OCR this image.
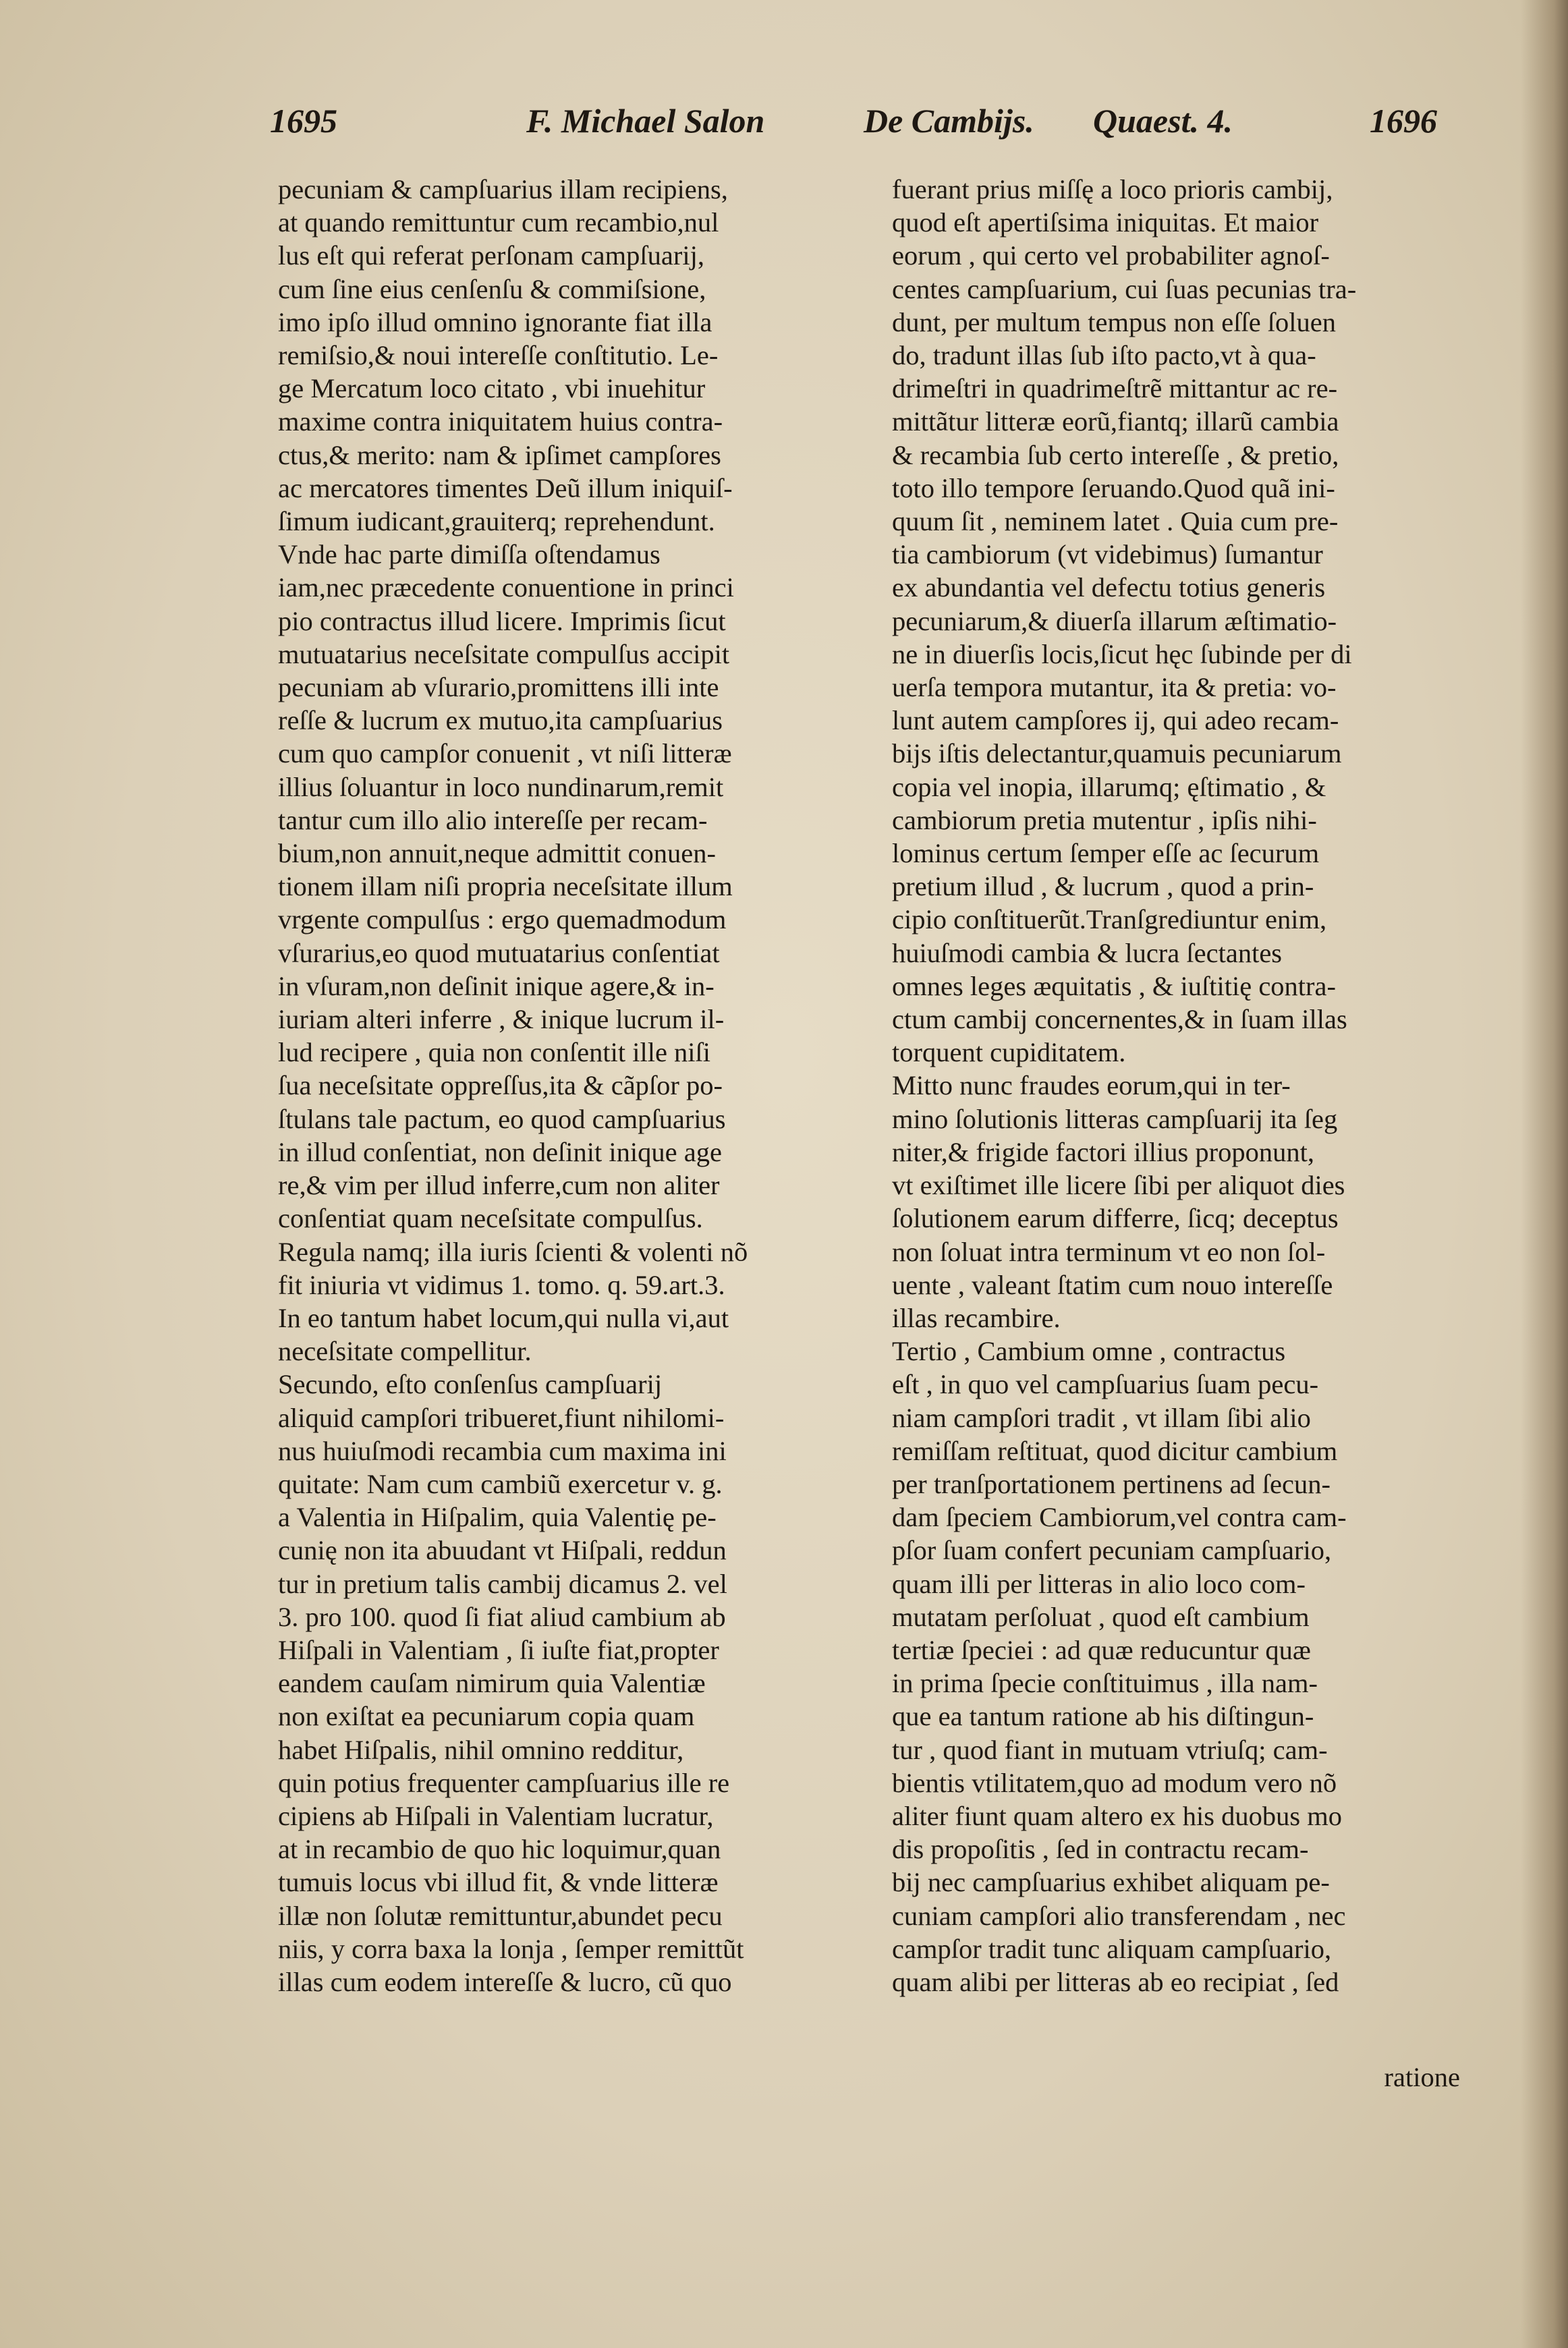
1695	F. Michael Salon	De Cambijs. Quaest. 4.	1696
pecuniam & campſuarius illam recipiens,
at quando remittuntur cum recambio,nul
lus eſt qui referat perſonam campſuarij,
cum ſine eius cenſenſu & commiſsione,
imo ipſo illud omnino ignorante fiat illa
remiſsio,& noui intereſſe conſtitutio. Le-
ge Mercatum loco citato , vbi inuehitur
maxime contra iniquitatem huius contra-
ctus,& merito: nam & ipſimet campſores
ac mercatores timentes Deũ illum iniquiſ-
ſimum iudicant,grauiterq; reprehendunt.
Vnde hac parte dimiſſa oſtendamus
iam,nec præcedente conuentione in princi
pio contractus illud licere. Imprimis ſicut
mutuatarius neceſsitate compulſus accipit
pecuniam ab vſurario,promittens illi inte
reſſe & lucrum ex mutuo,ita campſuarius
cum quo campſor conuenit , vt niſi litteræ
illius ſoluantur in loco nundinarum,remit
tantur cum illo alio intereſſe per recam-
bium,non annuit,neque admittit conuen-
tionem illam niſi propria neceſsitate illum
vrgente compulſus : ergo quemadmodum
vſurarius,eo quod mutuatarius conſentiat
in vſuram,non deſinit inique agere,& in-
iuriam alteri inferre , & inique lucrum il-
lud recipere , quia non conſentit ille niſi
ſua neceſsitate oppreſſus,ita & cãpſor po-
ſtulans tale pactum, eo quod campſuarius
in illud conſentiat, non deſinit inique age
re,& vim per illud inferre,cum non aliter
conſentiat quam neceſsitate compulſus.
Regula namq; illa iuris ſcienti & volenti nõ
fit iniuria vt vidimus 1. tomo. q. 59.art.3.
In eo tantum habet locum,qui nulla vi,aut
neceſsitate compellitur.
Secundo, eſto conſenſus campſuarij
aliquid campſori tribueret,fiunt nihilomi-
nus huiuſmodi recambia cum maxima ini
quitate: Nam cum cambiũ exercetur v. g.
a Valentia in Hiſpalim, quia Valentię pe-
cunię non ita abuudant vt Hiſpali, reddun
tur in pretium talis cambij dicamus 2. vel
3. pro 100. quod ſi fiat aliud cambium ab
Hiſpali in Valentiam , ſi iuſte fiat,propter
eandem cauſam nimirum quia Valentiæ
non exiſtat ea pecuniarum copia quam
habet Hiſpalis, nihil omnino redditur,
quin potius frequenter campſuarius ille re
cipiens ab Hiſpali in Valentiam lucratur,
at in recambio de quo hic loquimur,quan
tumuis locus vbi illud fit, & vnde litteræ
illæ non ſolutæ remittuntur,abundet pecu
niis, y corra baxa la lonja , ſemper remittũt
illas cum eodem intereſſe & lucro, cũ quo
fuerant prius miſſę a loco prioris cambij,
quod eſt apertiſsima iniquitas. Et maior
eorum , qui certo vel probabiliter agnoſ-
centes campſuarium, cui ſuas pecunias tra-
dunt, per multum tempus non eſſe ſoluen
do, tradunt illas ſub iſto pacto,vt à qua-
drimeſtri in quadrimeſtrẽ mittantur ac re-
mittãtur litteræ eorũ,fiantq; illarũ cambia
& recambia ſub certo intereſſe , & pretio,
toto illo tempore ſeruando.Quod quã ini-
quum ſit , neminem latet . Quia cum pre-
tia cambiorum (vt videbimus) ſumantur
ex abundantia vel defectu totius generis
pecuniarum,& diuerſa illarum æſtimatio-
ne in diuerſis locis,ſicut hęc ſubinde per di
uerſa tempora mutantur, ita & pretia: vo-
lunt autem campſores ij, qui adeo recam-
bijs iſtis delectantur,quamuis pecuniarum
copia vel inopia, illarumq; ęſtimatio , &
cambiorum pretia mutentur , ipſis nihi-
lominus certum ſemper eſſe ac ſecurum
pretium illud , & lucrum , quod a prin-
cipio conſtituerũt.Tranſgrediuntur enim,
huiuſmodi cambia & lucra ſectantes
omnes leges æquitatis , & iuſtitię contra-
ctum cambij concernentes,& in ſuam illas
torquent cupiditatem.
Mitto nunc fraudes eorum,qui in ter-
mino ſolutionis litteras campſuarij ita ſeg
niter,& frigide factori illius proponunt,
vt exiſtimet ille licere ſibi per aliquot dies
ſolutionem earum differre, ſicq; deceptus
non ſoluat intra terminum vt eo non ſol-
uente , valeant ſtatim cum nouo intereſſe
illas recambire.
Tertio , Cambium omne , contractus
eſt , in quo vel campſuarius ſuam pecu-
niam campſori tradit , vt illam ſibi alio
remiſſam reſtituat, quod dicitur cambium
per tranſportationem pertinens ad ſecun-
dam ſpeciem Cambiorum,vel contra cam-
pſor ſuam confert pecuniam campſuario,
quam illi per litteras in alio loco com-
mutatam perſoluat , quod eſt cambium
tertiæ ſpeciei : ad quæ reducuntur quæ
in prima ſpecie conſtituimus , illa nam-
que ea tantum ratione ab his diſtingun-
tur , quod fiant in mutuam vtriuſq; cam-
bientis vtilitatem,quo ad modum vero nõ
aliter fiunt quam altero ex his duobus mo
dis propoſitis , ſed in contractu recam-
bij nec campſuarius exhibet aliquam pe-
cuniam campſori alio transferendam , nec
campſor tradit tunc aliquam campſuario,
quam alibi per litteras ab eo recipiat , ſed
ratione
